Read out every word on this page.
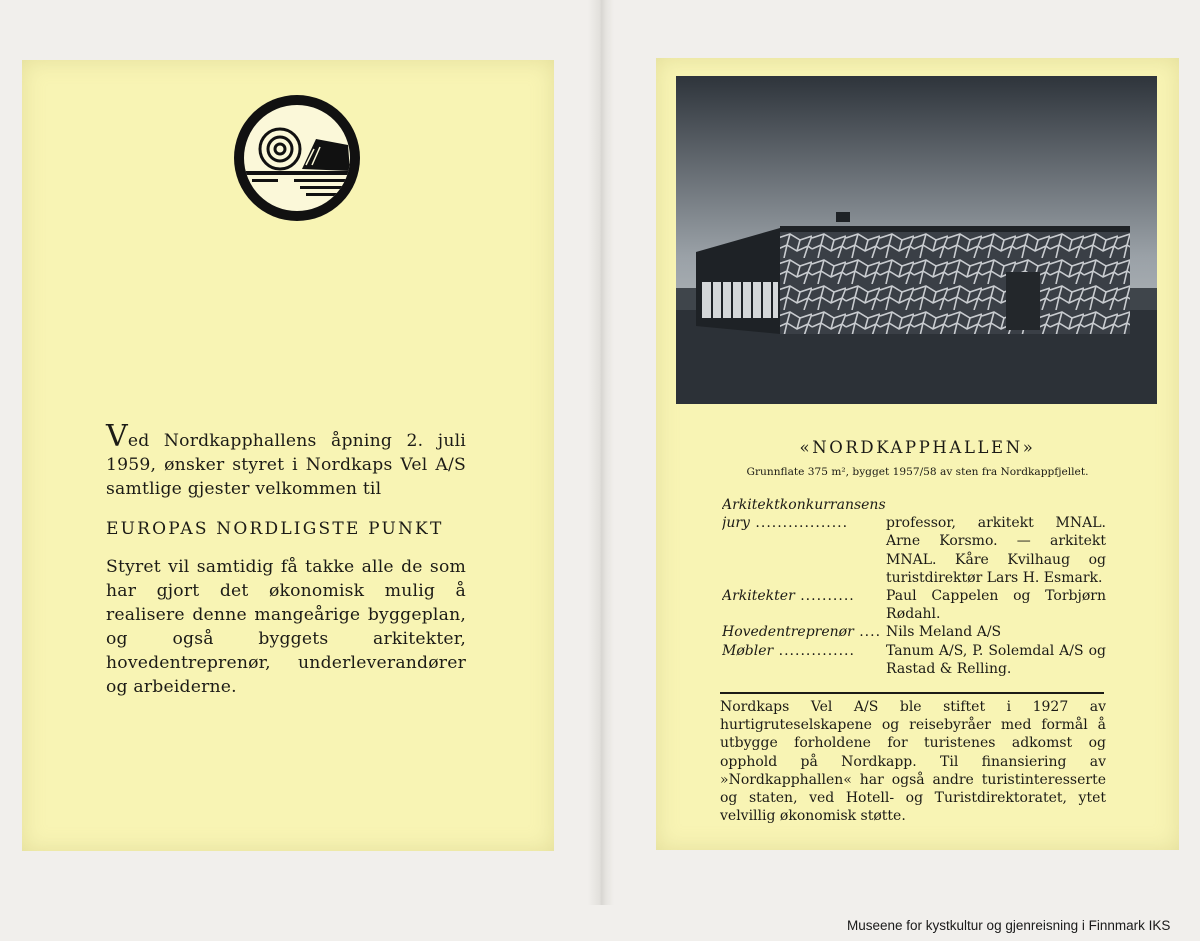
Ved Nordkapphallens åpning 2. juli 1959, ønsker styret i Nordkaps Vel A/S samtlige gjester velkommen til
EUROPAS NORDLIGSTE PUNKT
Styret vil samtidig få takke alle de som har gjort det økonomisk mulig å realisere denne mangeårige byggeplan, og også byggets arkitekter, hovedentreprenør, underleverandører og arbeiderne.
«NORDKAPPHALLEN»
Grunnflate 375 m², bygget 1957/58 av sten fra Nordkappfjellet.
Arkitektkonkurransens
jury .................	professor, arkitekt MNAL. Arne Korsmo. — arkitekt MNAL. Kåre Kvilhaug og turistdirektør Lars H. Esmark.
Arkitekter ..........	Paul Cappelen og Torbjørn Rødahl.
Hovedentreprenør .... Nils Meland A/S
Møbler ..............	Tanum A/S, P. Solemdal A/S og Rastad & Relling.
Nordkaps Vel A/S ble stiftet i 1927 av hurtigruteselskapene og reisebyråer med formål å utbygge forholdene for turistenes adkomst og opphold på Nordkapp. Til finansiering av »Nordkapphallen« har også andre turistinteresserte og staten, ved Hotell- og Turistdirektoratet, ytet velvillig økonomisk støtte.
Museene for kystkultur og gjenreisning i Finnmark IKS
